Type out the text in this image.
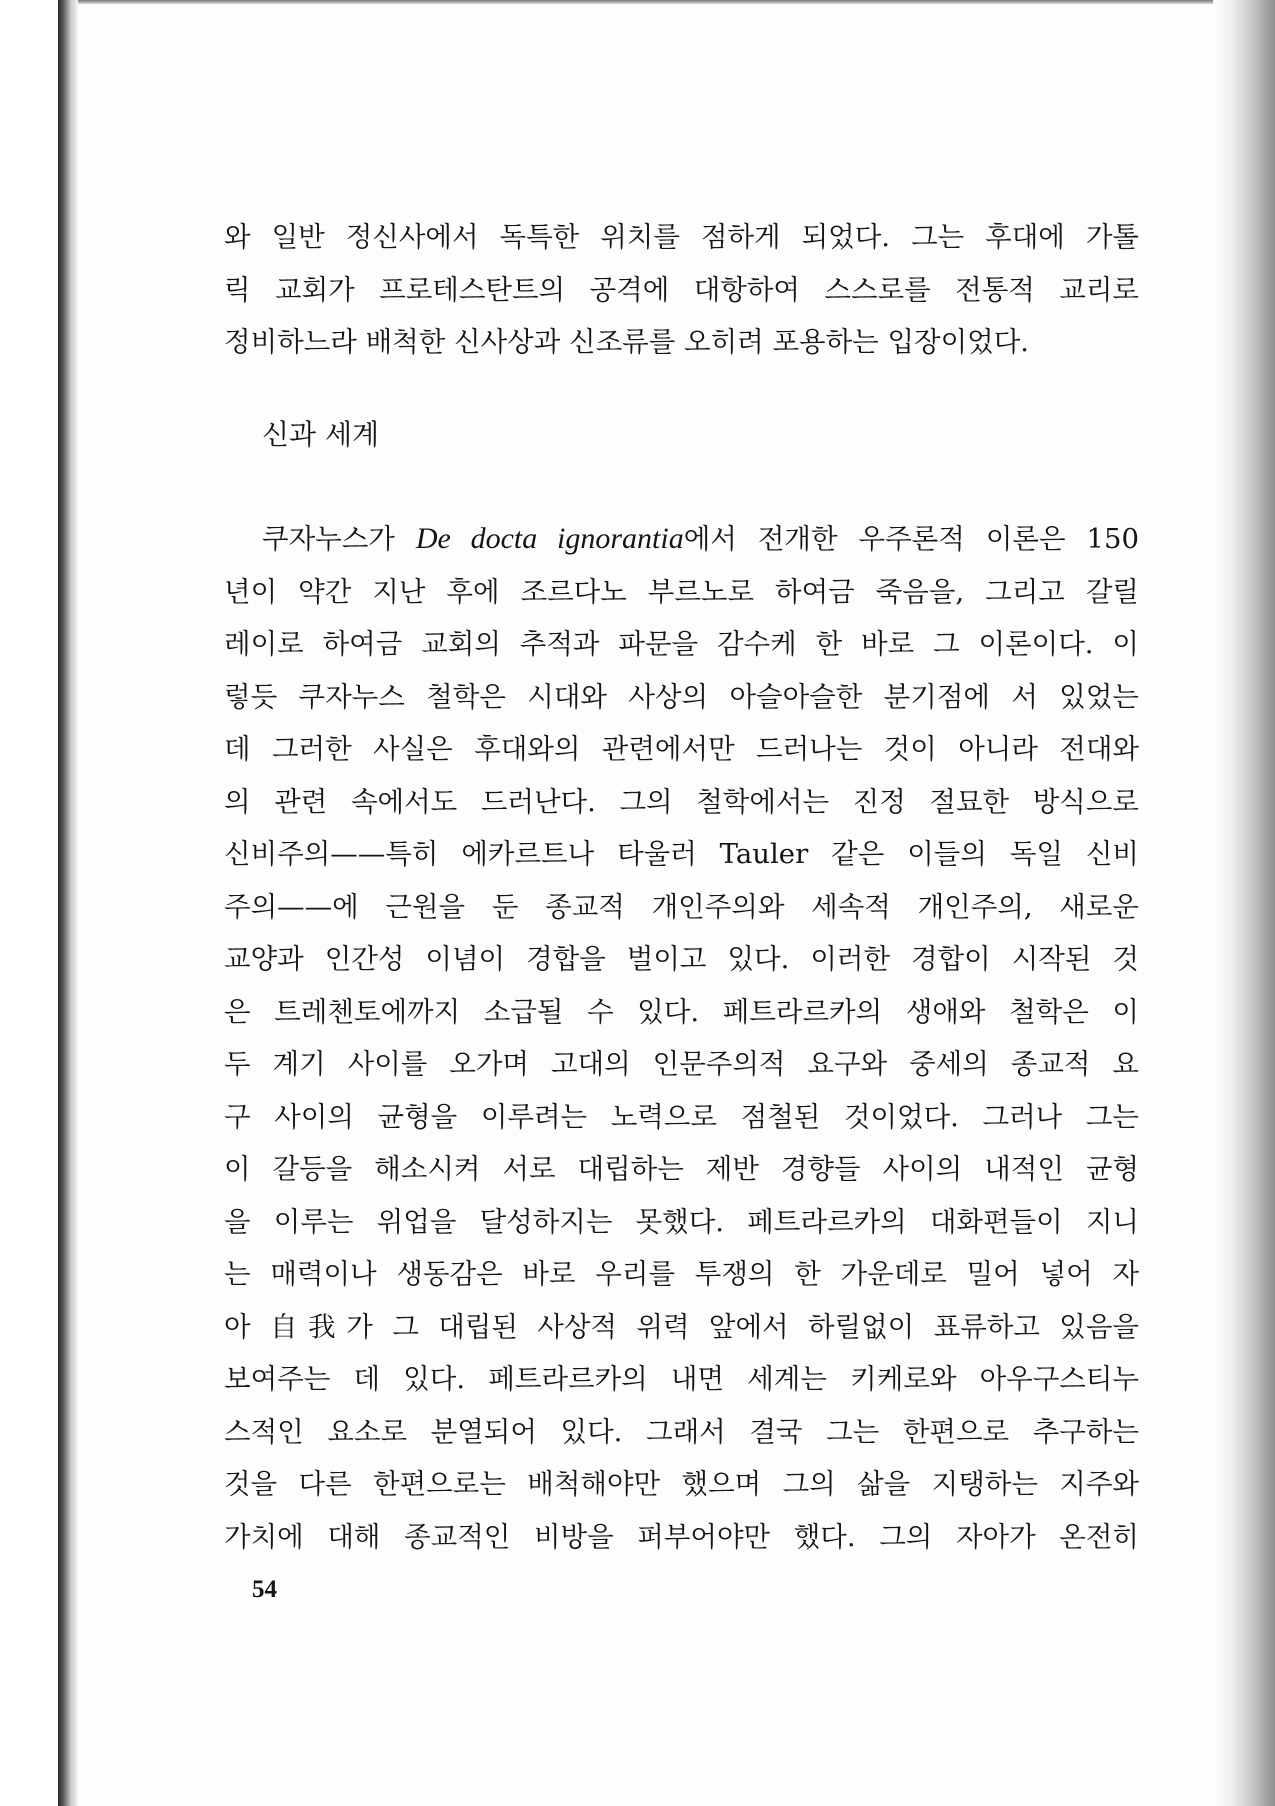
와 일반 정신사에서 독특한 위치를 점하게 되었다. 그는 후대에 가톨
릭 교회가 프로테스탄트의 공격에 대항하여 스스로를 전통적 교리로
정비하느라 배척한 신사상과 신조류를 오히려 포용하는 입장이었다.

신과 세계

쿠자누스가 De docta ignorantia에서 전개한 우주론적 이론은 150
년이 약간 지난 후에 조르다노 부르노로 하여금 죽음을, 그리고 갈릴
레이로 하여금 교회의 추적과 파문을 감수케 한 바로 그 이론이다. 이
렇듯 쿠자누스 철학은 시대와 사상의 아슬아슬한 분기점에 서 있었는
데 그러한 사실은 후대와의 관련에서만 드러나는 것이 아니라 전대와
의 관련 속에서도 드러난다. 그의 철학에서는 진정 절묘한 방식으로
신비주의——특히 에카르트나 타울러 Tauler 같은 이들의 독일 신비
주의——에 근원을 둔 종교적 개인주의와 세속적 개인주의, 새로운
교양과 인간성 이념이 경합을 벌이고 있다. 이러한 경합이 시작된 것
은 트레첸토에까지 소급될 수 있다. 페트라르카의 생애와 철학은 이
두 계기 사이를 오가며 고대의 인문주의적 요구와 중세의 종교적 요
구 사이의 균형을 이루려는 노력으로 점철된 것이었다. 그러나 그는
이 갈등을 해소시켜 서로 대립하는 제반 경향들 사이의 내적인 균형
을 이루는 위업을 달성하지는 못했다. 페트라르카의 대화편들이 지니
는 매력이나 생동감은 바로 우리를 투쟁의 한 가운데로 밀어 넣어 자
아 自我가 그 대립된 사상적 위력 앞에서 하릴없이 표류하고 있음을
보여주는 데 있다. 페트라르카의 내면 세계는 키케로와 아우구스티누
스적인 요소로 분열되어 있다. 그래서 결국 그는 한편으로 추구하는
것을 다른 한편으로는 배척해야만 했으며 그의 삶을 지탱하는 지주와
가치에 대해 종교적인 비방을 퍼부어야만 했다. 그의 자아가 온전히

54
